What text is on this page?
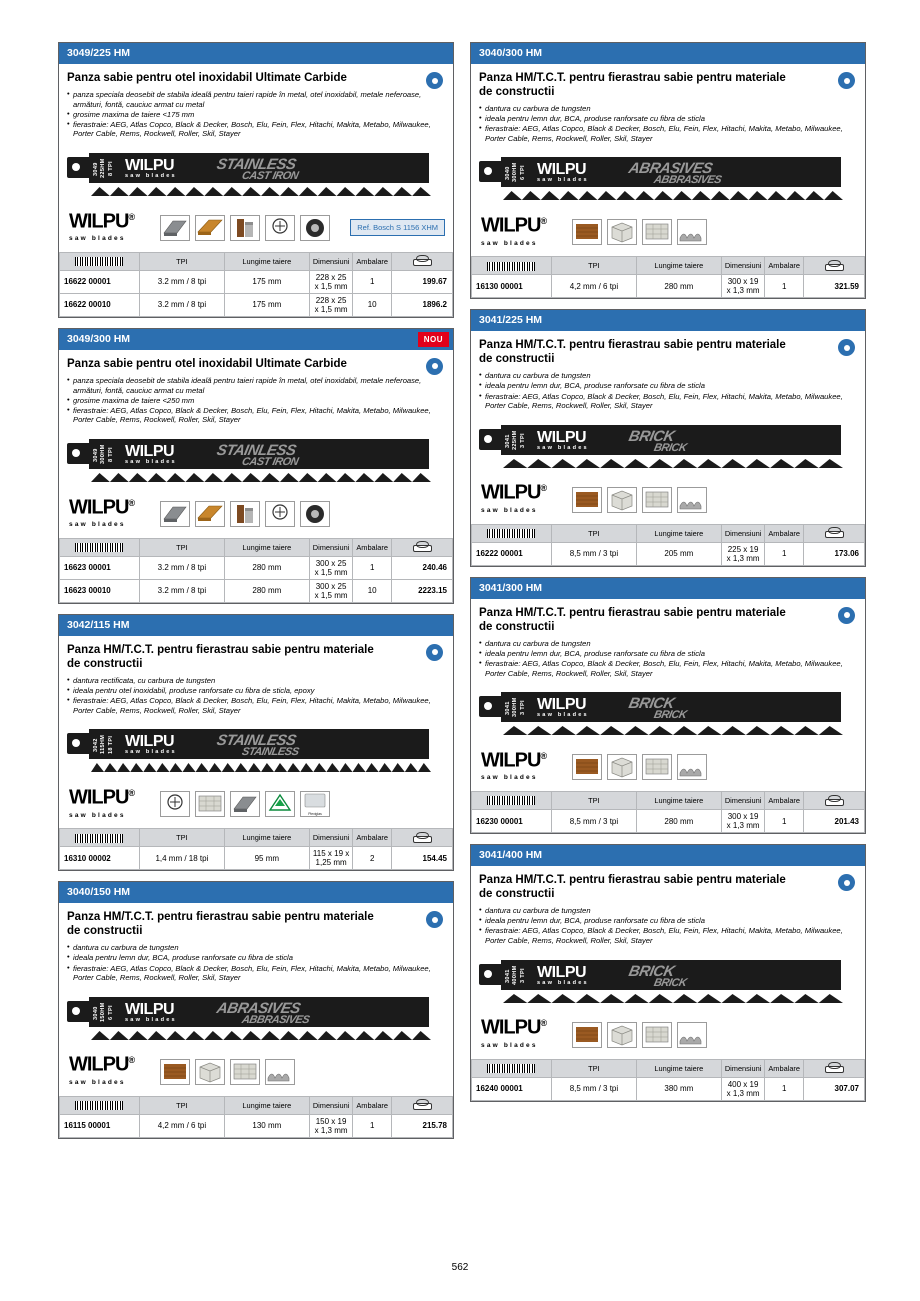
3049/225 HM
Panza sabie pentru otel inoxidabil Ultimate Carbide
• panza speciala deosebit de stabila ideală pentru taieri rapide în metal, otel inoxidabil, metale neferoase, armături, fontă, cauciuc armat cu metal
• grosime maxima de taiere <175 mm
• fierastraie: AEG, Atlas Copco, Black & Decker, Bosch, Elu, Fein, Flex, Hitachi, Makita, Metabo, Milwaukee, Porter Cable, Rems, Rockwell, Roller, Skil, Stayer
3049 225HM 8 TPI WILPU
saw blades
STAINLESS
CAST IRON
WILPU®
saw blades
Ref. Bosch S 1156 XHM
	TPI	Lungime taiere	Dimensiuni	Ambalare	
16622 00001	3.2 mm / 8 tpi	175 mm	228 x 25 x 1,5 mm	1	199.67
16622 00010	3.2 mm / 8 tpi	175 mm	228 x 25 x 1,5 mm	10	1896.2
3049/300 HM	NOU
Panza sabie pentru otel inoxidabil Ultimate Carbide
• panza speciala deosebit de stabila ideală pentru taieri rapide în metal, otel inoxidabil, metale neferoase, armături, fontă, cauciuc armat cu metal
• grosime maxima de taiere <250 mm
• fierastraie: AEG, Atlas Copco, Black & Decker, Bosch, Elu, Fein, Flex, Hitachi, Makita, Metabo, Milwaukee, Porter Cable, Rems, Rockwell, Roller, Skil, Stayer
3049 300HM 8 TPI WILPU
saw blades
STAINLESS
CAST IRON
WILPU®
saw blades
	TPI	Lungime taiere	Dimensiuni	Ambalare	
16623 00001	3.2 mm / 8 tpi	280 mm	300 x 25 x 1,5 mm	1	240.46
16623 00010	3.2 mm / 8 tpi	280 mm	300 x 25 x 1,5 mm	10	2223.15
3042/115 HM
Panza HM/T.C.T. pentru fierastrau sabie pentru materiale de constructii
• dantura rectificata, cu carbura de tungsten
• ideala pentru otel inoxidabil, produse ranforsate cu fibra de sticla, epoxy
• fierastraie: AEG, Atlas Copco, Black & Decker, Bosch, Elu, Fein, Flex, Hitachi, Makita, Metabo, Milwaukee, Porter Cable, Rems, Rockwell, Roller, Skil, Stayer
3042 115HM 18 TPI WILPU
saw blades
STAINLESS
STAINLESS
WILPU®
saw blades	Plexiglas
	TPI	Lungime taiere	Dimensiuni	Ambalare	
16310 00002	1,4 mm / 18 tpi	95 mm	115 x 19 x 1,25 mm	2	154.45
3040/150 HM
Panza HM/T.C.T. pentru fierastrau sabie pentru materiale de constructii
• dantura cu carbura de tungsten
• ideala pentru lemn dur, BCA, produse ranforsate cu fibra de sticla
• fierastraie: AEG, Atlas Copco, Black & Decker, Bosch, Elu, Fein, Flex, Hitachi, Makita, Metabo, Milwaukee, Porter Cable, Rems, Rockwell, Roller, Skil, Stayer
3040 150HM 6 TPI WILPU
saw blades
ABRASIVES
ABBRASIVES
WILPU®
saw blades
	TPI	Lungime taiere	Dimensiuni	Ambalare	
16115 00001	4,2 mm / 6 tpi	130 mm	150 x 19 x 1,3 mm	1	215.78
3040/300 HM
Panza HM/T.C.T. pentru fierastrau sabie pentru materiale de constructii
• dantura cu carbura de tungsten
• ideala pentru lemn dur, BCA, produse ranforsate cu fibra de sticla
• fierastraie: AEG, Atlas Copco, Black & Decker, Bosch, Elu, Fein, Flex, Hitachi, Makita, Metabo, Milwaukee, Porter Cable, Rems, Rockwell, Roller, Skil, Stayer
3040 300HM 6 TPI WILPU
saw blades
ABRASIVES
ABBRASIVES
WILPU®
saw blades
	TPI	Lungime taiere	Dimensiuni	Ambalare	
16130 00001	4,2 mm / 6 tpi	280 mm	300 x 19 x 1,3 mm	1	321.59
3041/225 HM
Panza HM/T.C.T. pentru fierastrau sabie pentru materiale de constructii
• dantura cu carbura de tungsten
• ideala pentru lemn dur, BCA, produse ranforsate cu fibra de sticla
• fierastraie: AEG, Atlas Copco, Black & Decker, Bosch, Elu, Fein, Flex, Hitachi, Makita, Metabo, Milwaukee, Porter Cable, Rems, Rockwell, Roller, Skil, Stayer
3041 225HM 3 TPI WILPU
saw blades
BRICK
BRICK
WILPU®
saw blades
	TPI	Lungime taiere	Dimensiuni	Ambalare	
16222 00001	8,5 mm / 3 tpi	205 mm	225 x 19 x 1,3 mm	1	173.06
3041/300 HM
Panza HM/T.C.T. pentru fierastrau sabie pentru materiale de constructii
• dantura cu carbura de tungsten
• ideala pentru lemn dur, BCA, produse ranforsate cu fibra de sticla
• fierastraie: AEG, Atlas Copco, Black & Decker, Bosch, Elu, Fein, Flex, Hitachi, Makita, Metabo, Milwaukee, Porter Cable, Rems, Rockwell, Roller, Skil, Stayer
3041 300HM 3 TPI WILPU
saw blades
BRICK
BRICK
WILPU®
saw blades
	TPI	Lungime taiere	Dimensiuni	Ambalare	
16230 00001	8,5 mm / 3 tpi	280 mm	300 x 19 x 1,3 mm	1	201.43
3041/400 HM
Panza HM/T.C.T. pentru fierastrau sabie pentru materiale de constructii
• dantura cu carbura de tungsten
• ideala pentru lemn dur, BCA, produse ranforsate cu fibra de sticla
• fierastraie: AEG, Atlas Copco, Black & Decker, Bosch, Elu, Fein, Flex, Hitachi, Makita, Metabo, Milwaukee, Porter Cable, Rems, Rockwell, Roller, Skil, Stayer
3041 400HM 3 TPI WILPU
saw blades
BRICK
BRICK
WILPU®
saw blades
	TPI	Lungime taiere	Dimensiuni	Ambalare	
16240 00001	8,5 mm / 3 tpi	380 mm	400 x 19 x 1,3 mm	1	307.07
562
